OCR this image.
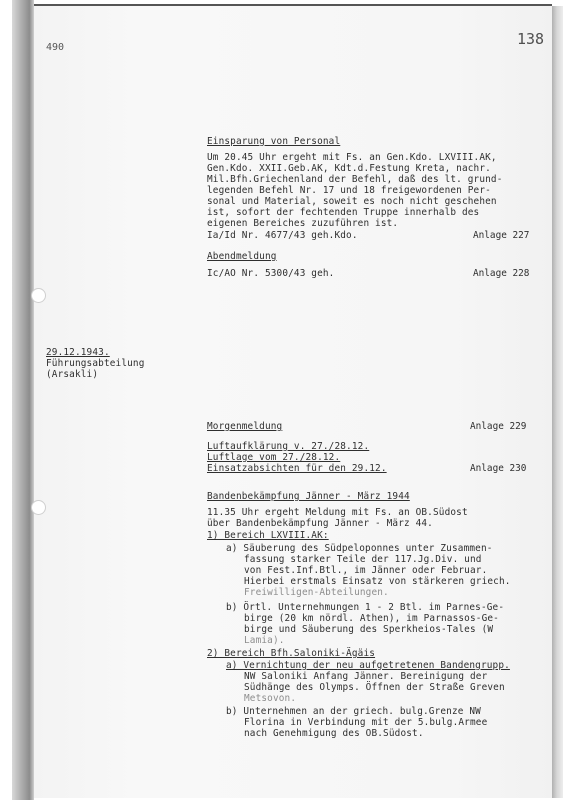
490	138
Einsparung von Personal
Um 20.45 Uhr ergeht mit Fs. an Gen.Kdo. LXVIII.AK,
Gen.Kdo. XXII.Geb.AK, Kdt.d.Festung Kreta, nachr.
Mil.Bfh.Griechenland der Befehl, daß des lt. grund-
legenden Befehl Nr. 17 und 18 freigewordenen Per-
sonal und Material, soweit es noch nicht geschehen
ist, sofort der fechtenden Truppe innerhalb des
eigenen Bereiches zuzuführen ist.
Ia/Id Nr. 4677/43 geh.Kdo.	Anlage 227
Abendmeldung
Ic/AO Nr. 5300/43 geh.	Anlage 228
29.12.1943.
Führungsabteilung
(Arsakli)
Morgenmeldung	Anlage 229
Luftaufklärung v. 27./28.12.
Luftlage vom 27./28.12.
Einsatzabsichten für den 29.12.	Anlage 230
Bandenbekämpfung Jänner - März 1944
11.35 Uhr ergeht Meldung mit Fs. an OB.Südost
über Bandenbekämpfung Jänner - März 44.
1) Bereich LXVIII.AK:
a) Säuberung des Südpeloponnes unter Zusammen-
fassung starker Teile der 117.Jg.Div. und
von Fest.Inf.Btl., im Jänner oder Februar.
Hierbei erstmals Einsatz von stärkeren griech.
Freiwilligen-Abteilungen.
b) Örtl. Unternehmungen 1 - 2 Btl. im Parnes-Ge-
birge (20 km nördl. Athen), im Parnassos-Ge-
birge und Säuberung des Sperkheios-Tales (W
Lamia).
2) Bereich Bfh.Saloniki-Ägäis
a) Vernichtung der neu aufgetretenen Bandengrupp.
NW Saloniki Anfang Jänner. Bereinigung der
Südhänge des Olymps. Öffnen der Straße Greven
Metsovon.
b) Unternehmen an der griech. bulg.Grenze NW
Florina in Verbindung mit der 5.bulg.Armee
nach Genehmigung des OB.Südost.
